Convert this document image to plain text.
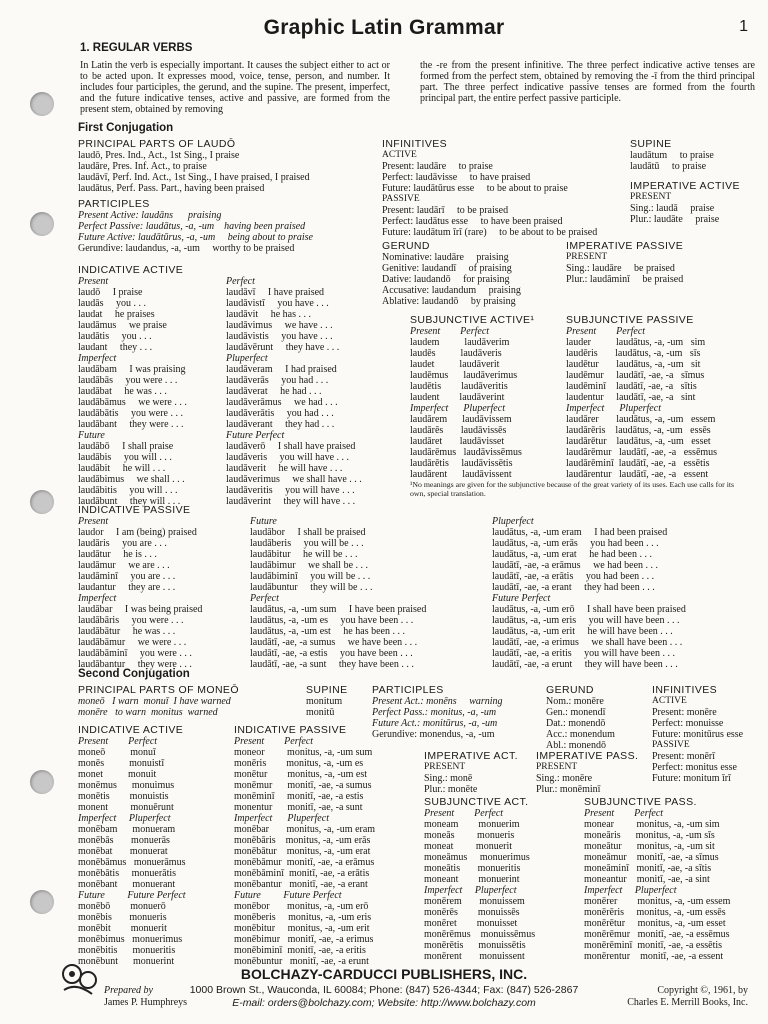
Graphic Latin Grammar	1
1. REGULAR VERBS
In Latin the verb is especially important. It causes the subject either to act or to be acted upon. It expresses mood, voice, tense, person, and number. It includes four participles, the gerund, and the supine. The present, imperfect, and the future indicative tenses, active and passive, are formed from the present stem, obtained by removing
the -re from the present infinitive. The three perfect indicative active tenses are formed from the perfect stem, obtained by removing the -ī from the third principal part. The three perfect indicative passive tenses are formed from the fourth principal part, the entire perfect passive participle.
First Conjugation
PRINCIPAL PARTS OF LAUDŌ
laudō, Pres. Ind., Act., 1st Sing., I praise
laudāre, Pres. Inf. Act., to praise
laudāvī, Perf. Ind. Act., 1st Sing., I have praised, I praised
laudātus, Perf. Pass. Part., having been praised
PARTICIPLES
Present Active: laudāns      praising
Perfect Passive: laudātus, -a, -um    having been praised
Future Active: laudātūrus, -a, -um     being about to praise
Gerundive: laudandus, -a, -um     worthy to be praised
INFINITIVES
ACTIVE
Present: laudāre     to praise
Perfect: laudāvisse     to have praised
Future: laudātūrus esse     to be about to praise
PASSIVE
Present: laudārī     to be praised
Perfect: laudātus esse     to have been praised
Future: laudātum īrī (rare)     to be about to be praised
SUPINE
laudātum     to praise
laudātū     to praise
IMPERATIVE ACTIVE
PRESENT
Sing.: laudā     praise
Plur.: laudāte     praise
GERUND
Nominative: laudāre     praising
Genitive: laudandī     of praising
Dative: laudandō     for praising
Accusative: laudandum     praising
Ablative: laudandō     by praising
IMPERATIVE PASSIVE
PRESENT
Sing.: laudāre     be praised
Plur.: laudāminī     be praised
INDICATIVE ACTIVE
Present
laudō     I praise
laudās     you . . .
laudat     he praises
laudāmus     we praise
laudātis     you . . .
laudant     they . . .
Imperfect
laudābam     I was praising
laudābās     you were . . .
laudābat     he was . . .
laudābāmus     we were . . .
laudābātis     you were . . .
laudābant     they were . . .
Future
laudābō     I shall praise
laudābis     you will . . .
laudābit     he will . . .
laudābimus     we shall . . .
laudābitis     you will . . .
laudābunt     they will . . .
Perfect
laudāvī     I have praised
laudāvistī     you have . . .
laudāvit     he has . . .
laudāvimus     we have . . .
laudāvistis     you have . . .
laudāvērunt     they have . . .
Pluperfect
laudāveram     I had praised
laudāverās     you had . . .
laudāverat     he had . . .
laudāverāmus     we had . . .
laudāverātis     you had . . .
laudāverant     they had . . .
Future Perfect
laudāverō     I shall have praised
laudāveris     you will have . . .
laudāverit     he will have . . .
laudāverimus     we shall have . . .
laudāveritis     you will have . . .
laudāverint     they will have . . .
SUBJUNCTIVE ACTIVE¹
Present        Perfect
laudem          laudāverim
laudēs          laudāveris
laudet          laudāverit
laudēmus      laudāverimus
laudētis        laudāveritis
laudent        laudāverint
Imperfect      Pluperfect
laudārem      laudāvissem
laudārēs       laudāvissēs
laudāret       laudāvisset
laudārēmus   laudāvissēmus
laudārētis     laudāvissētis
laudārent      laudāvissent
SUBJUNCTIVE PASSIVE
Present        Perfect
lauder          laudātus, -a, -um   sim
laudēris       laudātus, -a, -um   sīs
laudētur       laudātus, -a, -um   sit
laudēmur     laudātī, -ae, -a   sīmus
laudēminī    laudātī, -ae, -a   sītis
laudentur     laudātī, -ae, -a   sint
Imperfect      Pluperfect
laudārer       laudātus, -a, -um   essem
laudārēris    laudātus, -a, -um   essēs
laudārētur    laudātus, -a, -um   esset
laudārēmur   laudātī, -ae, -a   essēmus
laudārēminī  laudātī, -ae, -a   essētis
laudārentur   laudātī, -ae, -a   essent
¹No meanings are given for the subjunctive because of the great variety of its uses. Each use calls for its own, special translation.
INDICATIVE PASSIVE
Present
laudor     I am (being) praised
laudāris     you are . . .
laudātur     he is . . .
laudāmur     we are . . .
laudāminī     you are . . .
laudantur     they are . . .
Imperfect
laudābar     I was being praised
laudābāris     you were . . .
laudābātur     he was . . .
laudābāmur     we were . . .
laudābāminī     you were . . .
laudābantur     they were . . .
Future
laudābor     I shall be praised
laudāberis     you will be . . .
laudābitur     he will be . . .
laudābimur     we shall be . . .
laudābiminī     you will be . . .
laudābuntur     they will be . . .
Perfect
laudātus, -a, -um sum     I have been praised
laudātus, -a, -um es     you have been . . .
laudātus, -a, -um est     he has been . . .
laudātī, -ae, -a sumus     we have been . . .
laudātī, -ae, -a estis     you have been . . .
laudātī, -ae, -a sunt     they have been . . .
Pluperfect
laudātus, -a, -um eram     I had been praised
laudātus, -a, -um erās     you had been . . .
laudātus, -a, -um erat     he had been . . .
laudātī, -ae, -a erāmus     we had been . . .
laudātī, -ae, -a erātis     you had been . . .
laudātī, -ae, -a erant     they had been . . .
Future Perfect
laudātus, -a, -um erō     I shall have been praised
laudātus, -a, -um eris     you will have been . . .
laudātus, -a, -um erit     he will have been . . .
laudātī, -ae, -a erimus     we shall have been . . .
laudātī, -ae, -a eritis     you will have been . . .
laudātī, -ae, -a erunt     they will have been . . .
Second Conjugation
PRINCIPAL PARTS OF MONEŌ
moneō   I warn  monuī  I have warned
monēre   to warn  monitus  warned
SUPINE
monitum
monitū
PARTICIPLES
Present Act.: monēns     warning
Perfect Pass.: monitus, -a, -um
Future Act.: monitūrus, -a, -um
Gerundive: monendus, -a, -um
GERUND
Nom.: monēre
Gen.: monendī
Dat.: monendō
Acc.: monendum
Abl.: monendō
INFINITIVES
ACTIVE
Present: monēre
Perfect: monuisse
Future: monitūrus esse
PASSIVE
Present: monērī
Perfect: monitus esse
Future: monitum īrī
INDICATIVE ACTIVE
Present        Perfect
moneō          monuī
monēs          monuistī
monet          monuit
monēmus      monuimus
monētis        monuistis
monent         monuērunt
Imperfect     Pluperfect
monēbam      monueram
monēbās       monuerās
monēbat       monuerat
monēbāmus   monuerāmus
monēbātis     monuerātis
monēbant      monuerant
Future         Future Perfect
monēbō        monuerō
monēbis       monueris
monēbit        monuerit
monēbimus   monuerimus
monēbitis      monueritis
monēbunt      monuerint
INDICATIVE PASSIVE
Present        Perfect
moneor         monitus, -a, -um sum
monēris        monitus, -a, -um es
monētur        monitus, -a, -um est
monēmur      monitī, -ae, -a sumus
monēminī     monitī, -ae, -a estis
monentur      monitī, -ae, -a sunt
Imperfect      Pluperfect
monēbar       monitus, -a, -um eram
monēbāris    monitus, -a, -um erās
monēbātur    monitus, -a, -um erat
monēbāmur  monitī, -ae, -a erāmus
monēbāminī  monitī, -ae, -a erātis
monēbantur   monitī, -ae, -a erant
Future         Future Perfect
monēbor       monitus, -a, -um erō
monēberis     monitus, -a, -um eris
monēbitur     monitus, -a, -um erit
monēbimur   monitī, -ae, -a erimus
monēbiminī  monitī, -ae, -a eritis
monēbuntur   monitī, -ae, -a erunt
IMPERATIVE ACT.
PRESENT
Sing.: monē
Plur.: monēte
IMPERATIVE PASS.
PRESENT
Sing.: monēre
Plur.: monēminī
SUBJUNCTIVE ACT.
Present        Perfect
moneam        monuerim
moneās         monueris
moneat         monuerit
moneāmus     monuerimus
moneātis       monueritis
moneant        monuerint
Imperfect     Pluperfect
monērem       monuissem
monērēs        monuissēs
monēret        monuisset
monērēmus    monuissēmus
monērētis      monuissētis
monērent       monuissent
SUBJUNCTIVE PASS.
Present        Perfect
monear         monitus, -a, -um sim
moneāris      monitus, -a, -um sīs
moneātur      monitus, -a, -um sit
moneāmur    monitī, -ae, -a sīmus
moneāminī   monitī, -ae, -a sītis
moneantur    monitī, -ae, -a sint
Imperfect     Pluperfect
monērer        monitus, -a, -um essem
monērēris     monitus, -a, -um essēs
monērētur     monitus, -a, -um esset
monērēmur   monitī, -ae, -a essēmus
monērēminī  monitī, -ae, -a essētis
monērentur    monitī, -ae, -a essent
BOLCHAZY-CARDUCCI PUBLISHERS, INC.
1000 Brown St., Wauconda, IL 60084; Phone: (847) 526-4344; Fax: (847) 526-2867
E-mail: orders@bolchazy.com; Website: http://www.bolchazy.com
Prepared by
James P. Humphreys
Copyright ©, 1961, by
Charles E. Merrill Books, Inc.
